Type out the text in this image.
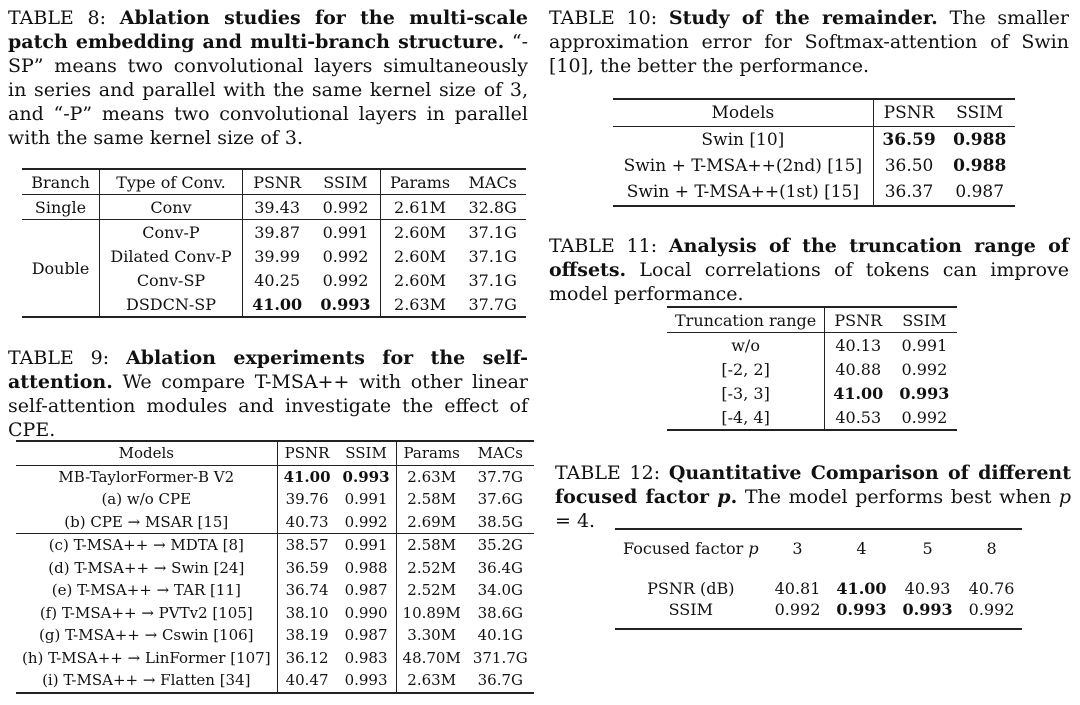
TABLE 8: Ablation studies for the multi-scale patch embedding and multi-branch structure. “-SP” means two convolutional layers simultaneously in series and parallel with the same kernel size of 3, and “-P” means two convolutional layers in parallel with the same kernel size of 3.

Branch	Type of Conv.	PSNR	SSIM	Params	MACs
Single	Conv	39.43	0.992	2.61M	32.8G
Double	Conv-P	39.87	0.991	2.60M	37.1G
	Dilated Conv-P	39.99	0.992	2.60M	37.1G
	Conv-SP	40.25	0.992	2.60M	37.1G
	DSDCN-SP	41.00	0.993	2.63M	37.7G

TABLE 9: Ablation experiments for the self-attention. We compare T-MSA++ with other linear self-attention modules and investigate the effect of CPE.

Models	PSNR	SSIM	Params	MACs
MB-TaylorFormer-B V2	41.00	0.993	2.63M	37.7G
(a) w/o CPE	39.76	0.991	2.58M	37.6G
(b) CPE → MSAR [15]	40.73	0.992	2.69M	38.5G
(c) T-MSA++ → MDTA [8]	38.57	0.991	2.58M	35.2G
(d) T-MSA++ → Swin [24]	36.59	0.988	2.52M	36.4G
(e) T-MSA++ → TAR [11]	36.74	0.987	2.52M	34.0G
(f) T-MSA++ → PVTv2 [105]	38.10	0.990	10.89M	38.6G
(g) T-MSA++ → Cswin [106]	38.19	0.987	3.30M	40.1G
(h) T-MSA++ → LinFormer [107]	36.12	0.983	48.70M	371.7G
(i) T-MSA++ → Flatten [34]	40.47	0.993	2.63M	36.7G

TABLE 10: Study of the remainder. The smaller approximation error for Softmax-attention of Swin [10], the better the performance.

Models	PSNR	SSIM
Swin [10]	36.59	0.988
Swin + T-MSA++(2nd) [15]	36.50	0.988
Swin + T-MSA++(1st) [15]	36.37	0.987

TABLE 11: Analysis of the truncation range of offsets. Local correlations of tokens can improve model performance.

Truncation range	PSNR	SSIM
w/o	40.13	0.991
[-2, 2]	40.88	0.992
[-3, 3]	41.00	0.993
[-4, 4]	40.53	0.992

TABLE 12: Quantitative Comparison of different focused factor p. The model performs best when p = 4.

Focused factor p	3	4	5	8

PSNR (dB)	40.81	41.00	40.93	40.76
SSIM	0.992	0.993	0.993	0.992
